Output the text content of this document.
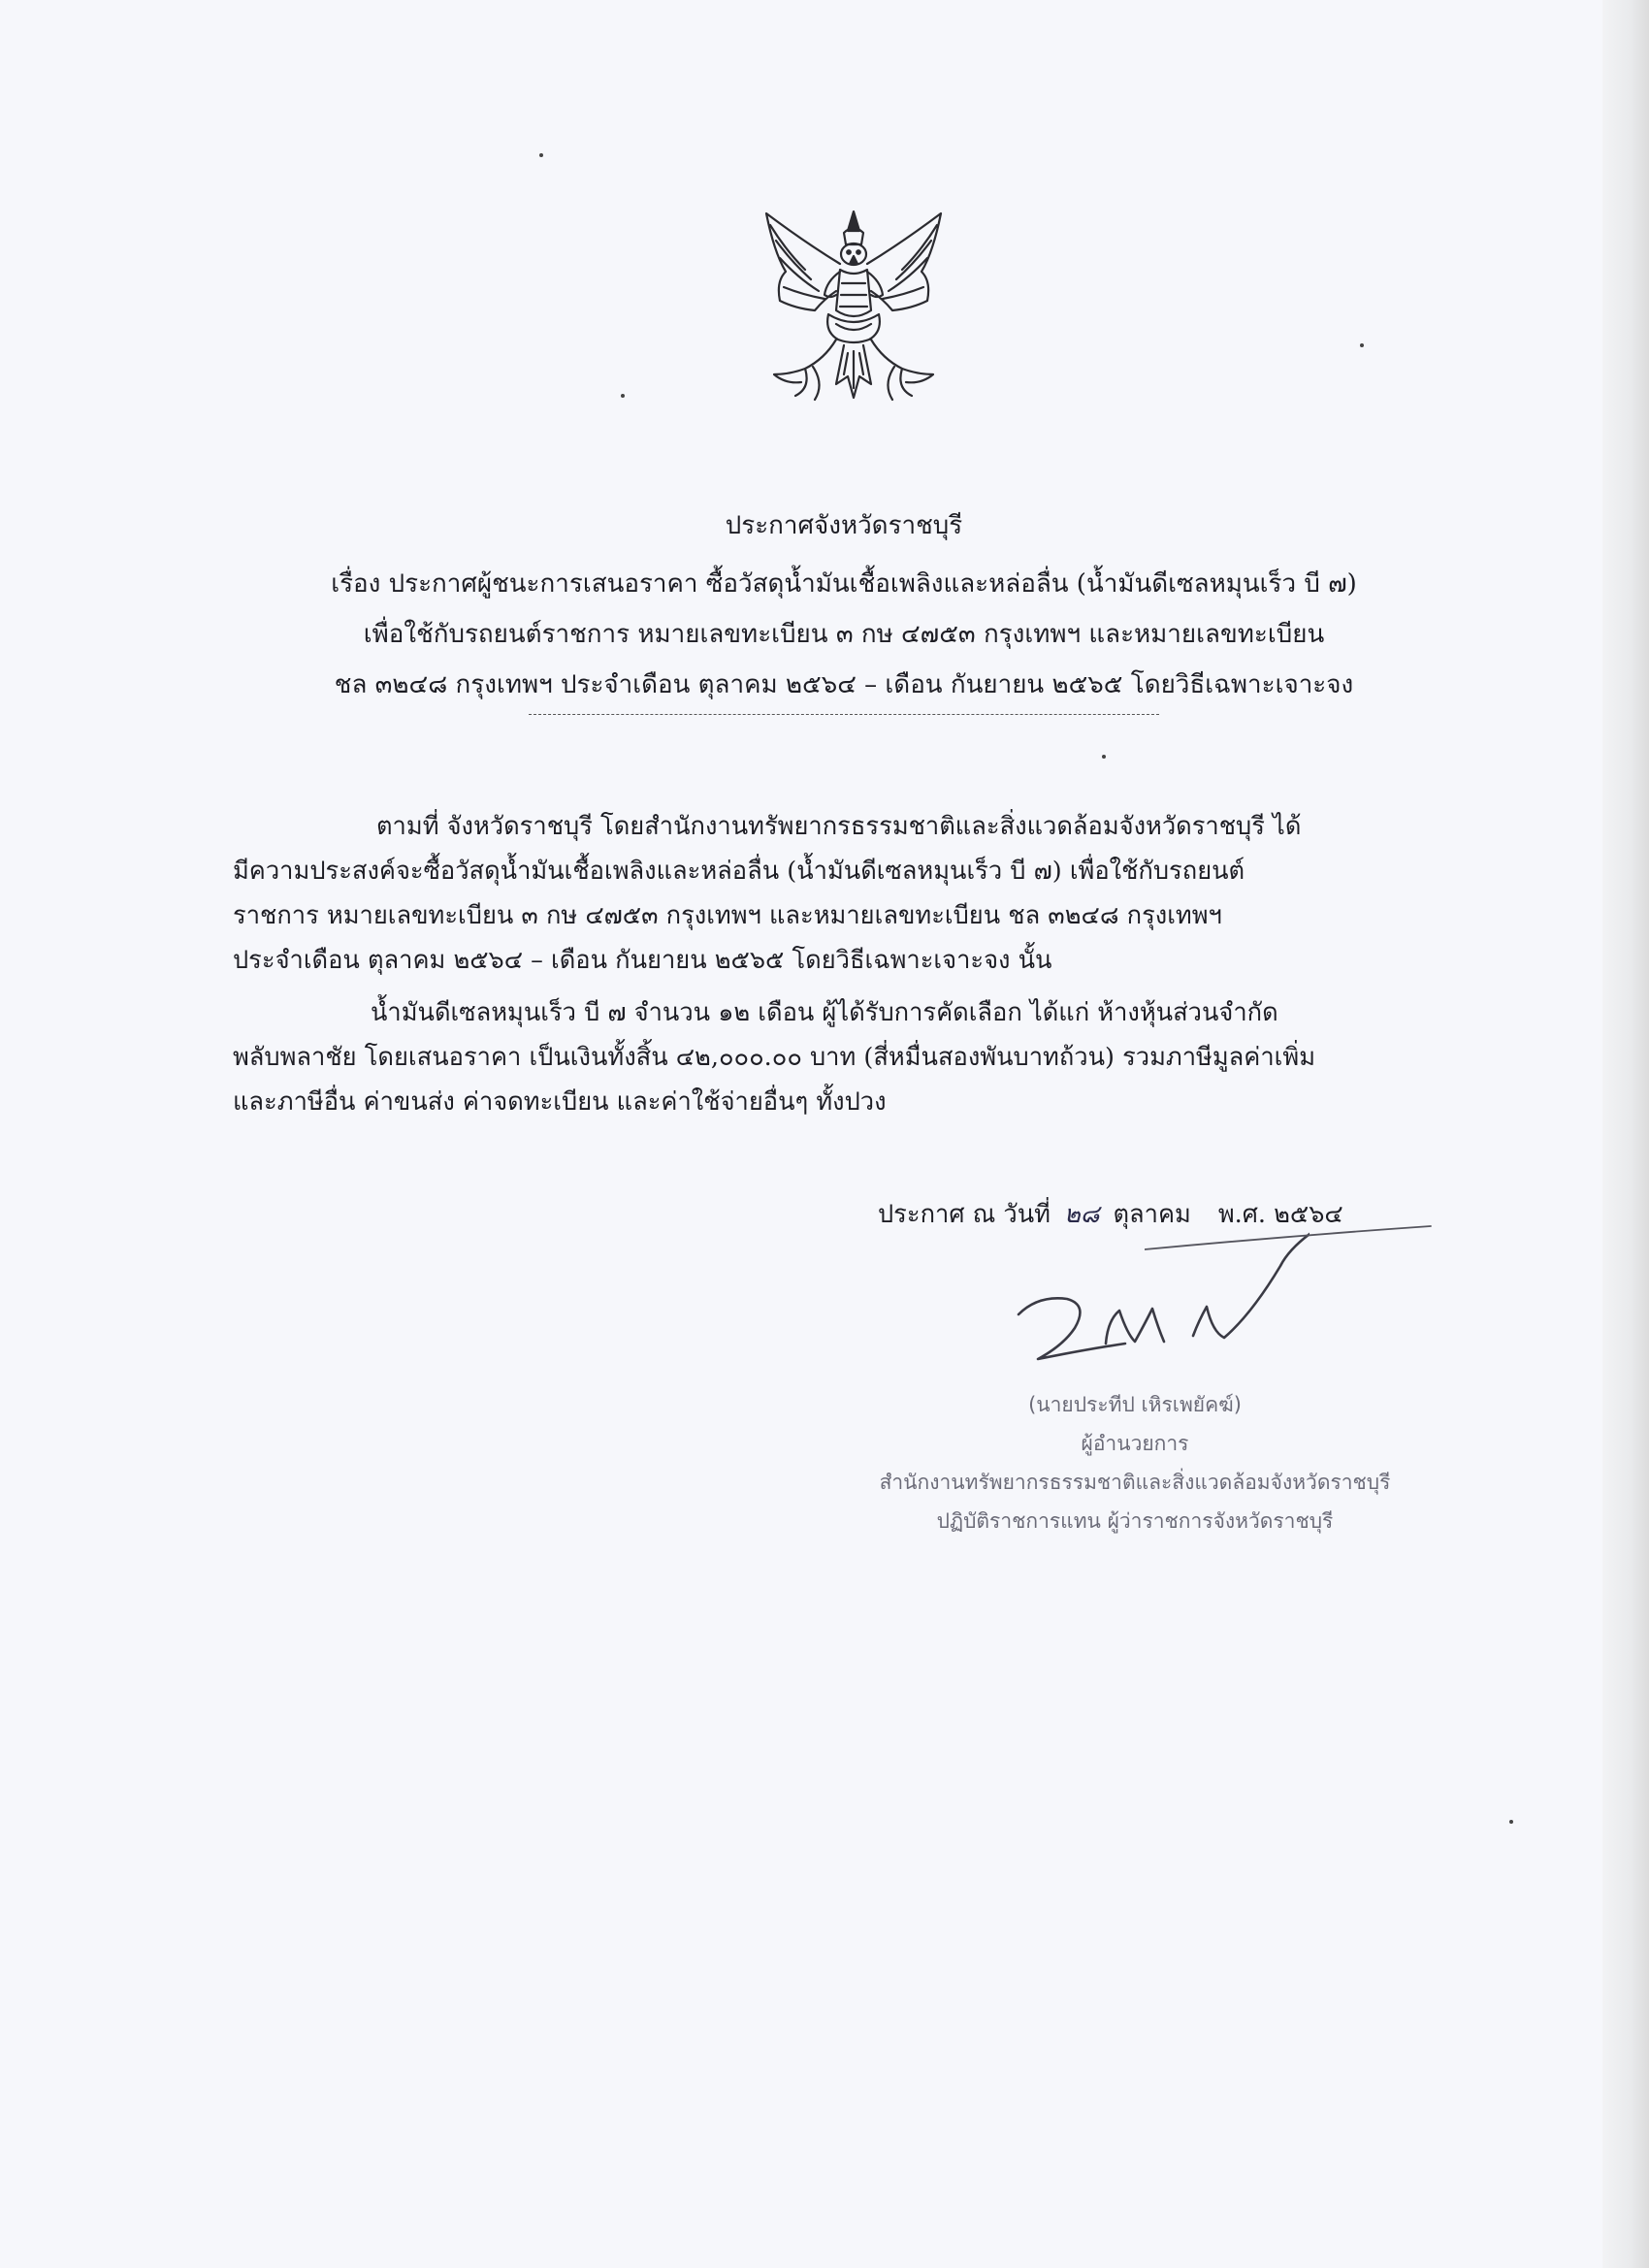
ประกาศจังหวัดราชบุรี

เรื่อง ประกาศผู้ชนะการเสนอราคา ซื้อวัสดุน้ำมันเชื้อเพลิงและหล่อลื่น (น้ำมันดีเซลหมุนเร็ว บี ๗)

เพื่อใช้กับรถยนต์ราชการ หมายเลขทะเบียน ๓ กษ ๔๗๕๓ กรุงเทพฯ และหมายเลขทะเบียน

ชล ๓๒๔๘ กรุงเทพฯ ประจำเดือน ตุลาคม ๒๕๖๔ – เดือน กันยายน ๒๕๖๕ โดยวิธีเฉพาะเจาะจง

ตามที่ จังหวัดราชบุรี โดยสำนักงานทรัพยากรธรรมชาติและสิ่งแวดล้อมจังหวัดราชบุรี ได้

มีความประสงค์จะซื้อวัสดุน้ำมันเชื้อเพลิงและหล่อลื่น (น้ำมันดีเซลหมุนเร็ว บี ๗) เพื่อใช้กับรถยนต์

ราชการ หมายเลขทะเบียน ๓ กษ ๔๗๕๓ กรุงเทพฯ และหมายเลขทะเบียน ชล ๓๒๔๘ กรุงเทพฯ

ประจำเดือน ตุลาคม ๒๕๖๔ – เดือน กันยายน ๒๕๖๕ โดยวิธีเฉพาะเจาะจง นั้น

น้ำมันดีเซลหมุนเร็ว บี ๗ จำนวน ๑๒ เดือน ผู้ได้รับการคัดเลือก ได้แก่ ห้างหุ้นส่วนจำกัด

พลับพลาชัย โดยเสนอราคา เป็นเงินทั้งสิ้น ๔๒,๐๐๐.๐๐ บาท (สี่หมื่นสองพันบาทถ้วน) รวมภาษีมูลค่าเพิ่ม

และภาษีอื่น ค่าขนส่ง ค่าจดทะเบียน และค่าใช้จ่ายอื่นๆ ทั้งปวง

ประกาศ ณ วันที่ ๒๘ ตุลาคม พ.ศ. ๒๕๖๔
(นายประทีป เหิรเพยัคฆ์)
ผู้อำนวยการ
สำนักงานทรัพยากรธรรมชาติและสิ่งแวดล้อมจังหวัดราชบุรี
ปฏิบัติราชการแทน ผู้ว่าราชการจังหวัดราชบุรี
